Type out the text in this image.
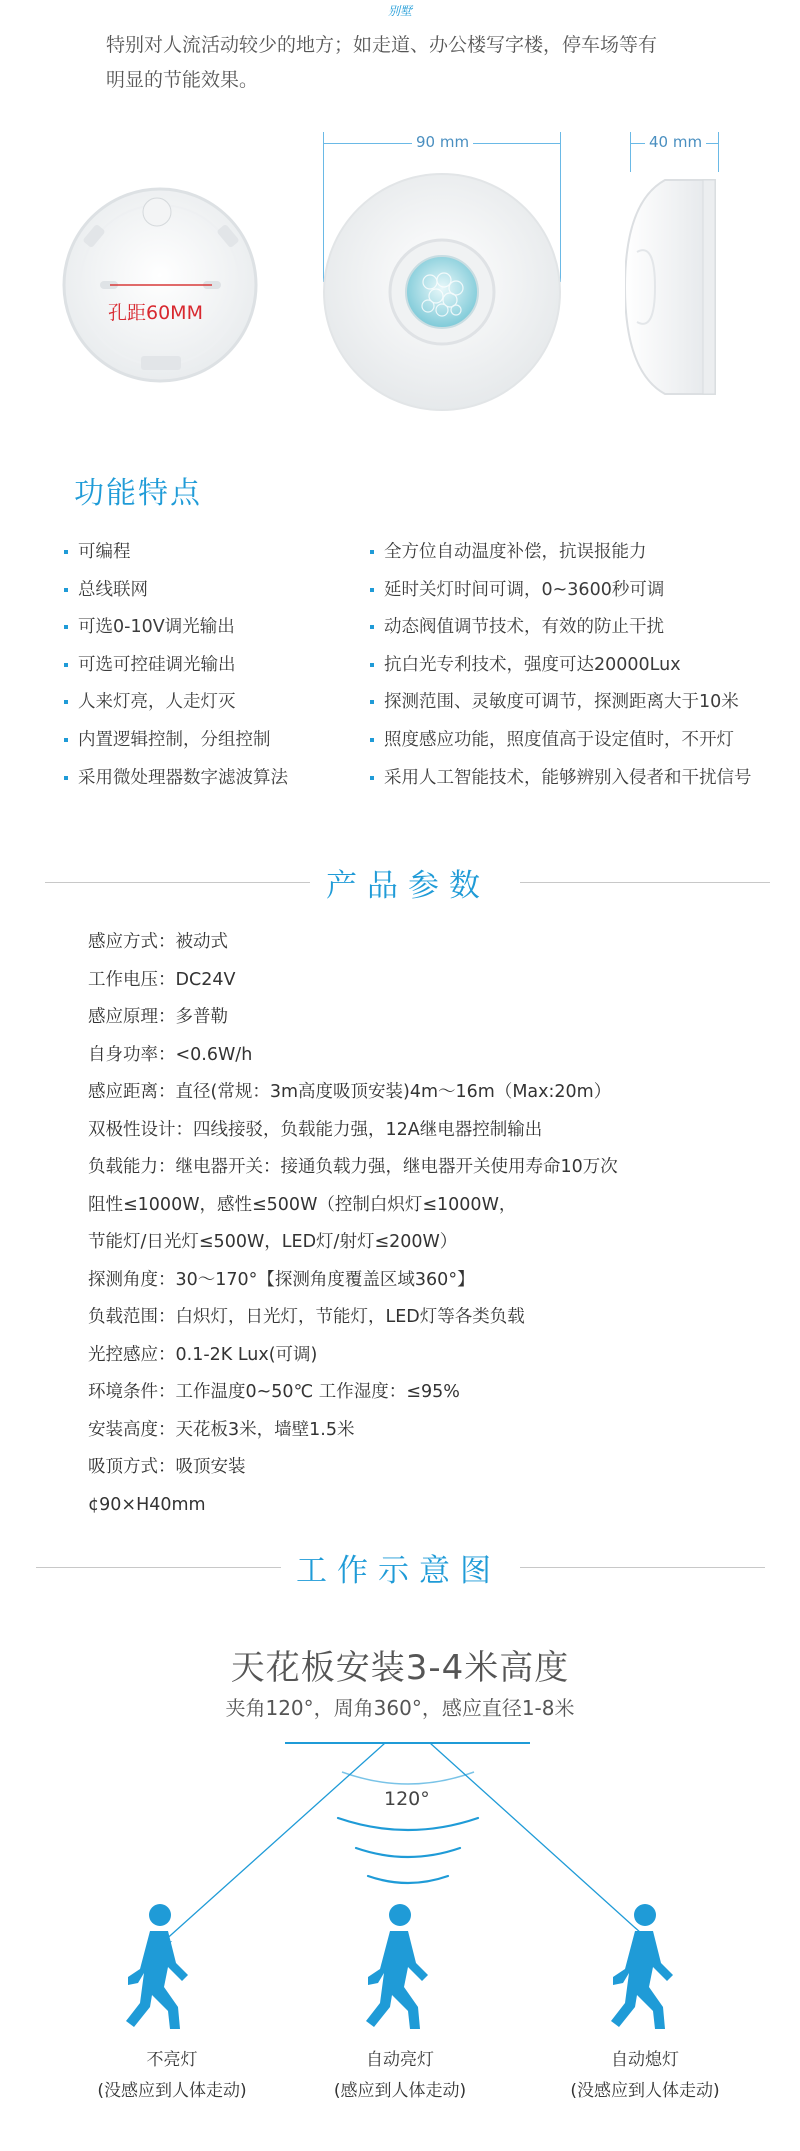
别墅
特别对人流活动较少的地方；如走道、办公楼写字楼，停车场等有
明显的节能效果。
孔距60MM
90 mm	40 mm
功能特点
可编程
总线联网
可选0-10V调光输出
可选可控硅调光输出
人来灯亮，人走灯灭
内置逻辑控制，分组控制
采用微处理器数字滤波算法
全方位自动温度补偿，抗误报能力
延时关灯时间可调，0~3600秒可调
动态阀值调节技术，有效的防止干扰
抗白光专利技术，强度可达20000Lux
探测范围、灵敏度可调节，探测距离大于10米
照度感应功能，照度值高于设定值时，不开灯
采用人工智能技术，能够辨别入侵者和干扰信号
产品参数
感应方式：被动式
工作电压：DC24V
感应原理：多普勒
自身功率：<0.6W/h
感应距离：直径(常规：3m高度吸顶安装)4m～16m（Max:20m）
双极性设计：四线接驳，负载能力强，12A继电器控制输出
负载能力：继电器开关：接通负载力强，继电器开关使用寿命10万次
阻性≤1000W，感性≤500W（控制白炽灯≤1000W，
节能灯/日光灯≤500W，LED灯/射灯≤200W）
探测角度：30～170°【探测角度覆盖区域360°】
负载范围：白炽灯，日光灯，节能灯，LED灯等各类负载
光控感应：0.1-2K Lux(可调)
环境条件：工作温度0~50℃ 工作湿度：≤95%
安装高度：天花板3米，墙壁1.5米
吸顶方式：吸顶安装
¢90×H40mm
工作示意图
天花板安装3-4米高度
夹角120°，周角360°，感应直径1-8米
120°
不亮灯
(没感应到人体走动)
自动亮灯
(感应到人体走动)
自动熄灯
(没感应到人体走动)
